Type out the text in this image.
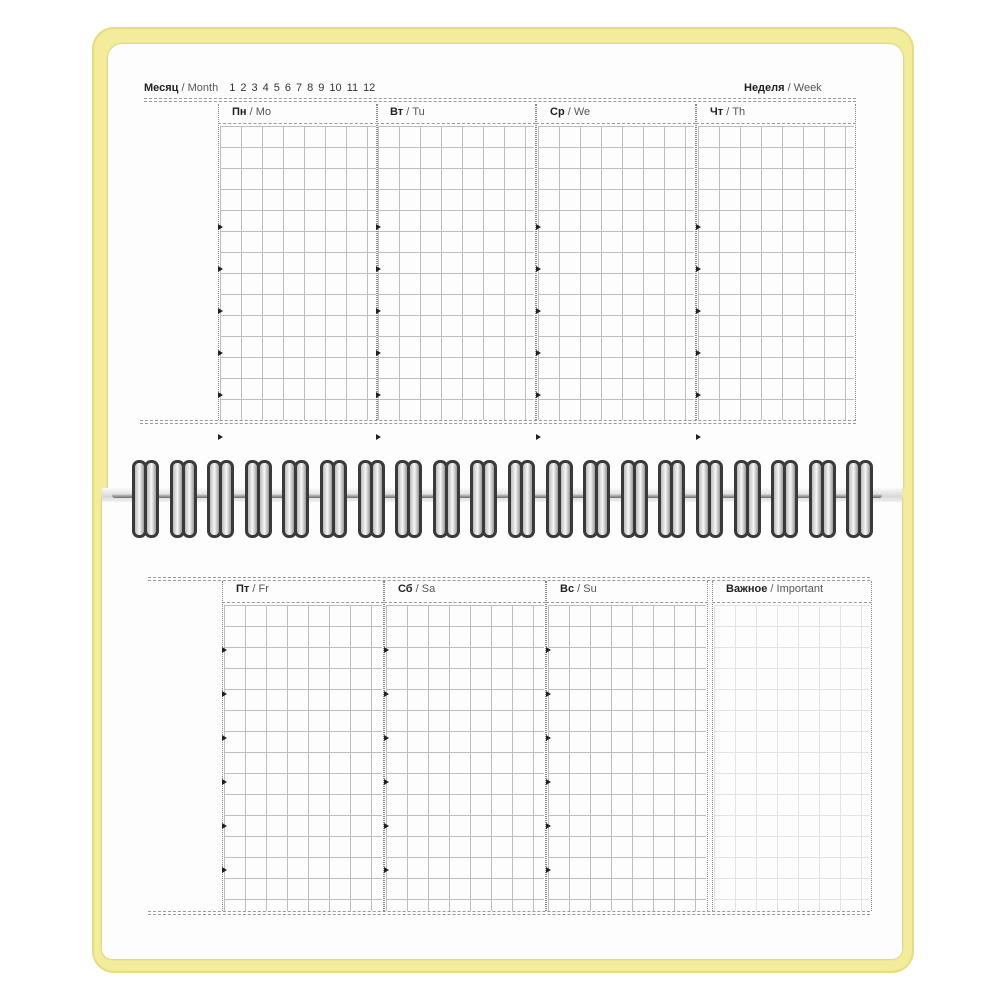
Месяц / Month 1 2 3 4 5 6 7 8 9 10 11 12	Неделя / Week
Пн / Mo	Вт / Tu	Ср / We	Чт / Th
Пт / Fr	Сб / Sa	Вс / Su	Важное / Important
